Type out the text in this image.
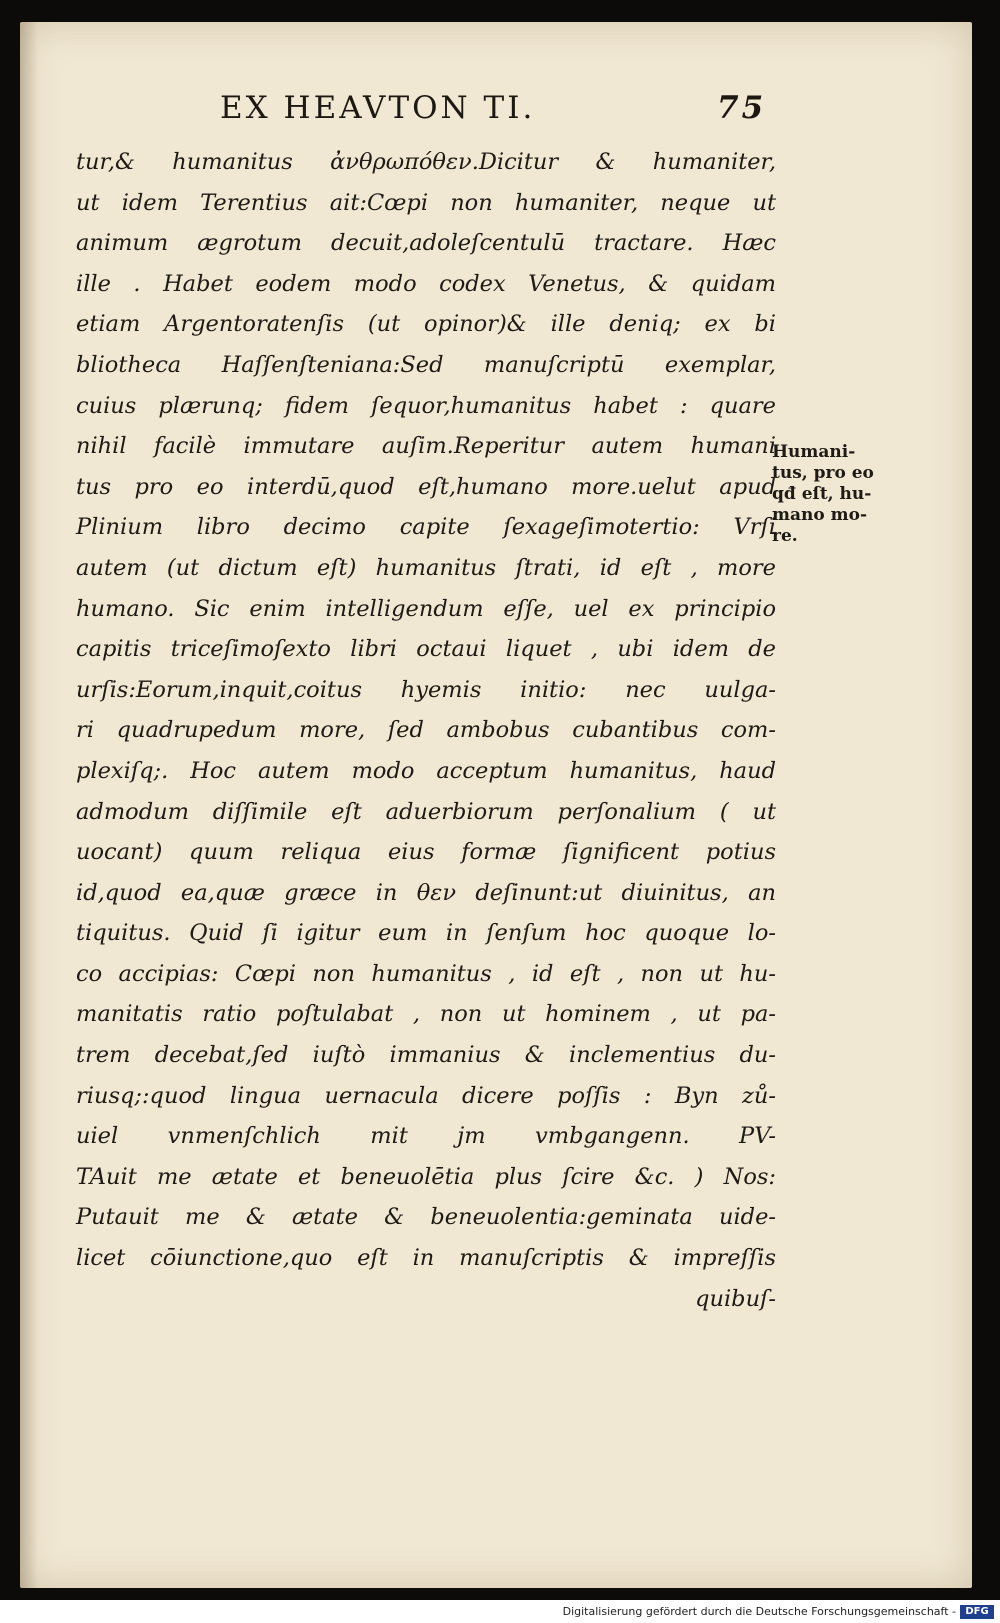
EX HEAVTON TI.	75
tur,& humanitus ἀνθρωπόθεν.Dicitur & humaniter,
ut idem Terentius ait:Cœpi non humaniter, neque ut
animum ægrotum decuit,adoleſcentulū tractare. Hæc
ille . Habet eodem modo codex Venetus, & quidam
etiam Argentoratenſis (ut opinor)& ille deniq; ex bi
bliotheca Haſſenſteniana:Sed manuſcriptū exemplar,
cuius plærunq; fidem ſequor,humanitus habet : quare
nihil facilè immutare auſim.Reperitur autem humani
tus pro eo interdū,quod eſt,humano more.uelut apud
Plinium libro decimo capite ſexageſimotertio: Vrſi
autem (ut dictum eſt) humanitus ſtrati, id eſt , more
humano. Sic enim intelligendum eſſe, uel ex principio
capitis triceſimoſexto libri octaui liquet , ubi idem de
urſis:Eorum,inquit,coitus hyemis initio: nec uulga-
ri quadrupedum more, ſed ambobus cubantibus com-
plexiſq;. Hoc autem modo acceptum humanitus, haud
admodum diſſimile eſt aduerbiorum perſonalium ( ut
uocant) quum reliqua eius formæ ſignificent potius
id,quod ea,quæ græce in θεν deſinunt:ut diuinitus, an
tiquitus. Quid ſi igitur eum in ſenſum hoc quoque lo-
co accipias: Cœpi non humanitus , id eſt , non ut hu-
manitatis ratio poſtulabat , non ut hominem , ut pa-
trem decebat,ſed iuſtò immanius & inclementius du-
riusq;:quod lingua uernacula dicere poſſis : Byn zů-
uiel vnmenſchlich mit jm vmbgangenn. PV-
TAuit me ætate et beneuolētia plus ſcire &c. ) Nos:
Putauit me & ætate & beneuolentia:geminata uide-
licet cōiunctione,quo eſt in manuſcriptis & impreſſis
quibuſ-
Humani-
tus, pro eo
qđ eſt, hu-
mano mo-
re.
Digitalisierung gefördert durch die Deutsche Forschungsgemeinschaft - DFG
